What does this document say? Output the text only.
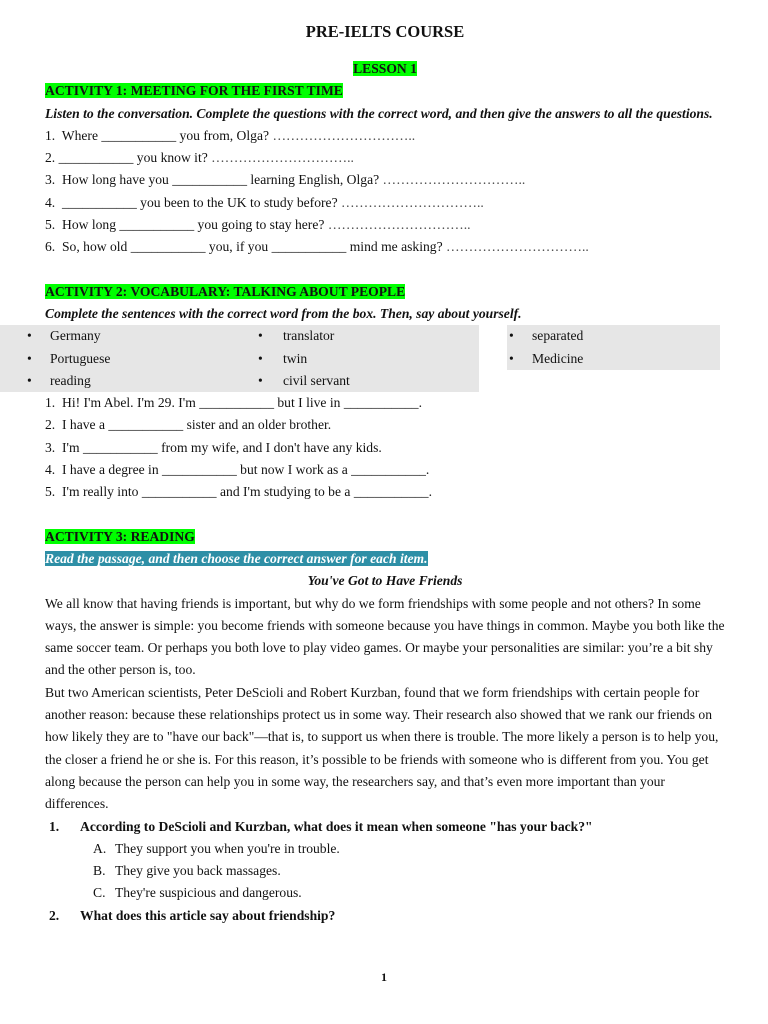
PRE-IELTS COURSE
LESSON 1

ACTIVITY 1: MEETING FOR THE FIRST TIME

Listen to the conversation. Complete the questions with the correct word, and then give the answers to all the questions.

1. Where ___________ you from, Olga? …………………………..
2. ___________ you know it? …………………………..
3. How long have you ___________ learning English, Olga? …………………………..
4. ___________ you been to the UK to study before? …………………………..
5. How long ___________ you going to stay here? …………………………..
6. So, how old ___________ you, if you ___________ mind me asking? …………………………..

ACTIVITY 2: VOCABULARY: TALKING ABOUT PEOPLE

Complete the sentences with the correct word from the box. Then, say about yourself.

• Germany
• Portuguese
• reading
• translator
• twin
• civil servant
• separated
• Medicine
1.  Hi! I'm Abel. I'm 29. I'm ___________ but I live in ___________.
2. I have a ___________ sister and an older brother.
3. I'm ___________ from my wife, and I don't have any kids.
4. I have a degree in ___________ but now I work as a ___________.
5. I'm really into ___________ and I'm studying to be a ___________.

ACTIVITY 3: READING

Read the passage, and then choose the correct answer for each item.

You've Got to Have Friends

We all know that having friends is important, but why do we form friendships with some people and not others? In some ways, the answer is simple: you become friends with someone because you have things in common. Maybe you both like the same soccer team. Or perhaps you both love to play video games. Or maybe your personalities are similar: you’re a bit shy and the other person is, too.

But two American scientists, Peter DeScioli and Robert Kurzban, found that we form friendships with certain people for another reason: because these relationships protect us in some way. Their research also showed that we rank our friends on how likely they are to "have our back"—that is, to support us when there is trouble. The more likely a person is to help you, the closer a friend he or she is. For this reason, it’s possible to be friends with someone who is different from you. You get along because the person can help you in some way, the researchers say, and that’s even more important than your differences.

1.	According to DeScioli and Kurzban, what does it mean when someone "has your back?"
A. They support you when you're in trouble.
B. They give you back massages.
C. They're suspicious and dangerous.
2.	What does this article say about friendship?
1
